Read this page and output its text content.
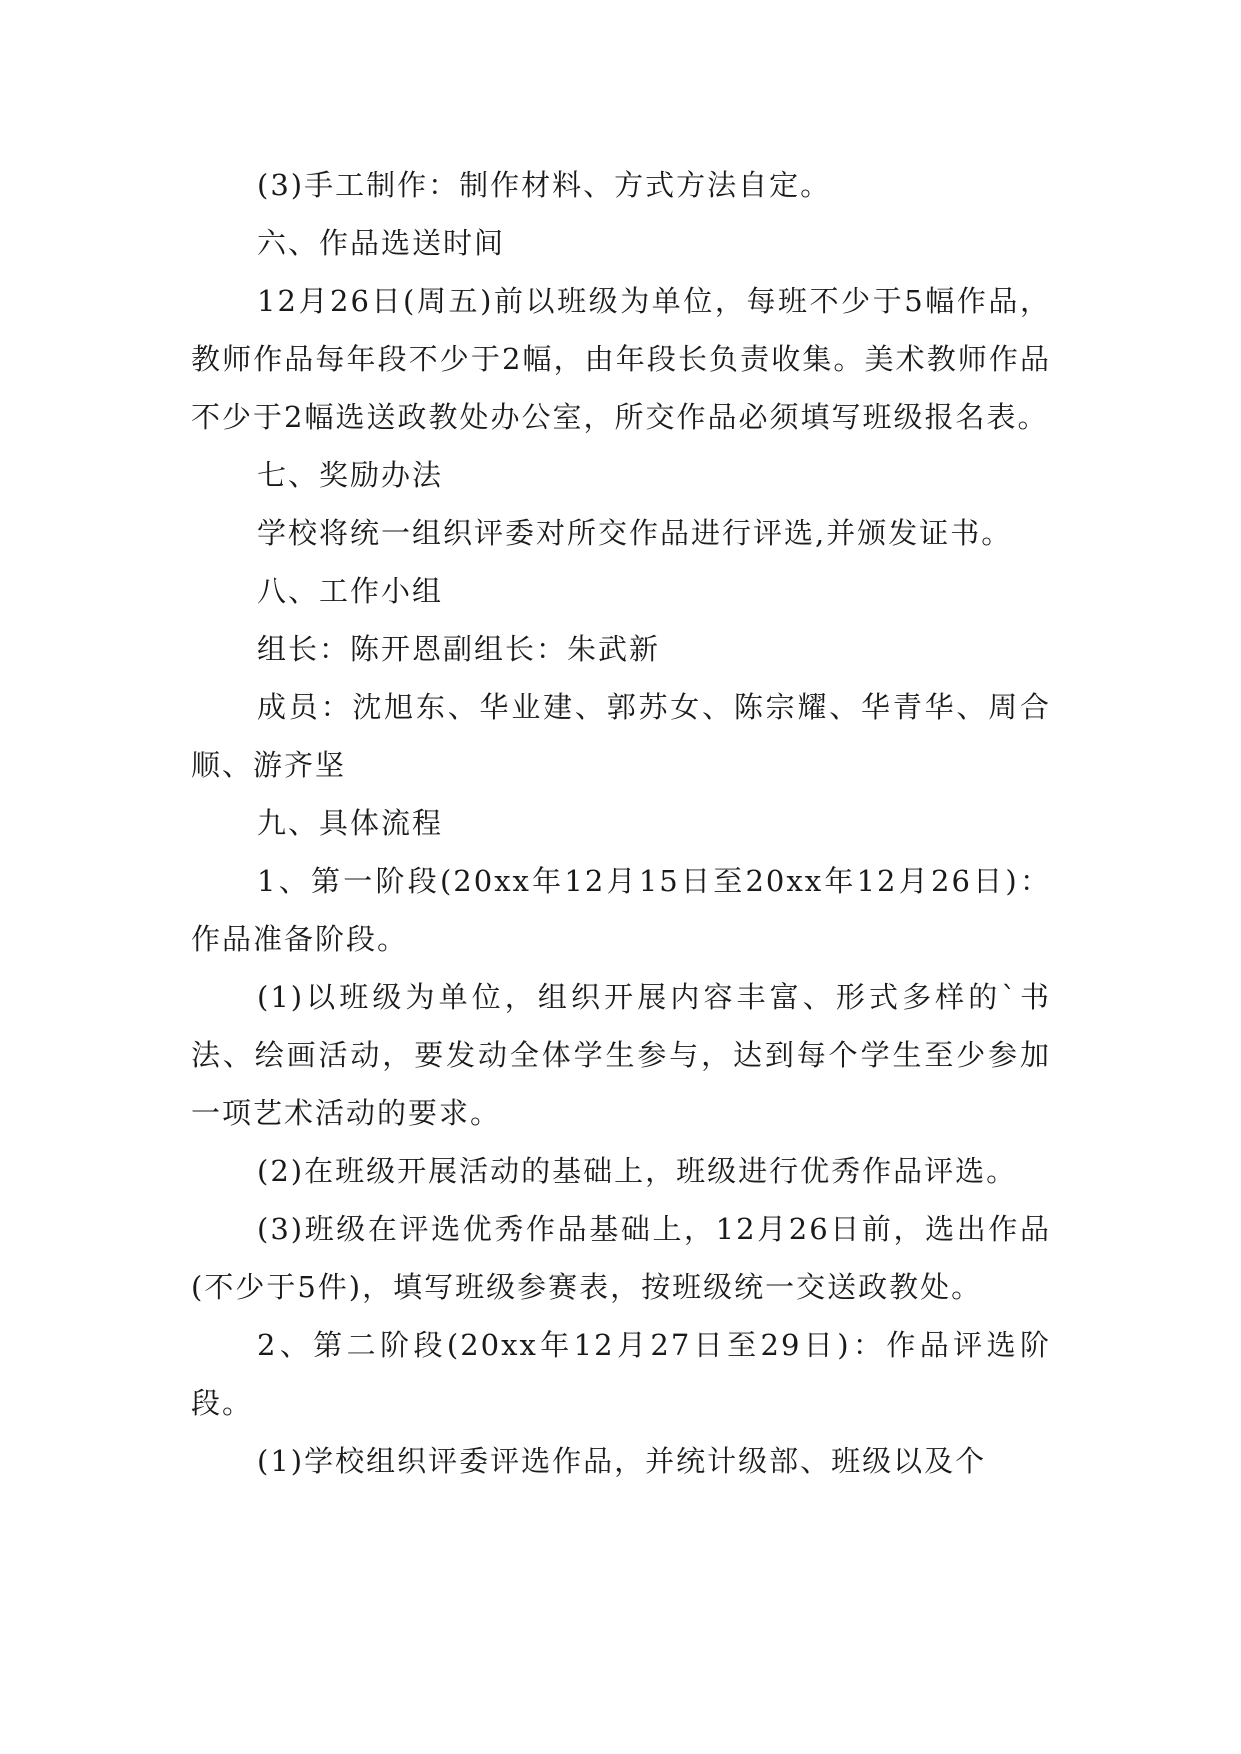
(3)手工制作：制作材料、方式方法自定。

六、作品选送时间

12月26日(周五)前以班级为单位，每班不少于5幅作品，教师作品每年段不少于2幅，由年段长负责收集。美术教师作品不少于2幅选送政教处办公室，所交作品必须填写班级报名表。

七、奖励办法

学校将统一组织评委对所交作品进行评选,并颁发证书。

八、工作小组

组长：陈开恩副组长：朱武新

成员：沈旭东、华业建、郭苏女、陈宗耀、华青华、周合顺、游齐坚

九、具体流程

1、第一阶段(20xx年12月15日至20xx年12月26日)：作品准备阶段。

(1)以班级为单位，组织开展内容丰富、形式多样的`书法、绘画活动，要发动全体学生参与，达到每个学生至少参加一项艺术活动的要求。

(2)在班级开展活动的基础上，班级进行优秀作品评选。

(3)班级在评选优秀作品基础上，12月26日前，选出作品(不少于5件)，填写班级参赛表，按班级统一交送政教处。

2、第二阶段(20xx年12月27日至29日)：作品评选阶段。

(1)学校组织评委评选作品，并统计级部、班级以及个
